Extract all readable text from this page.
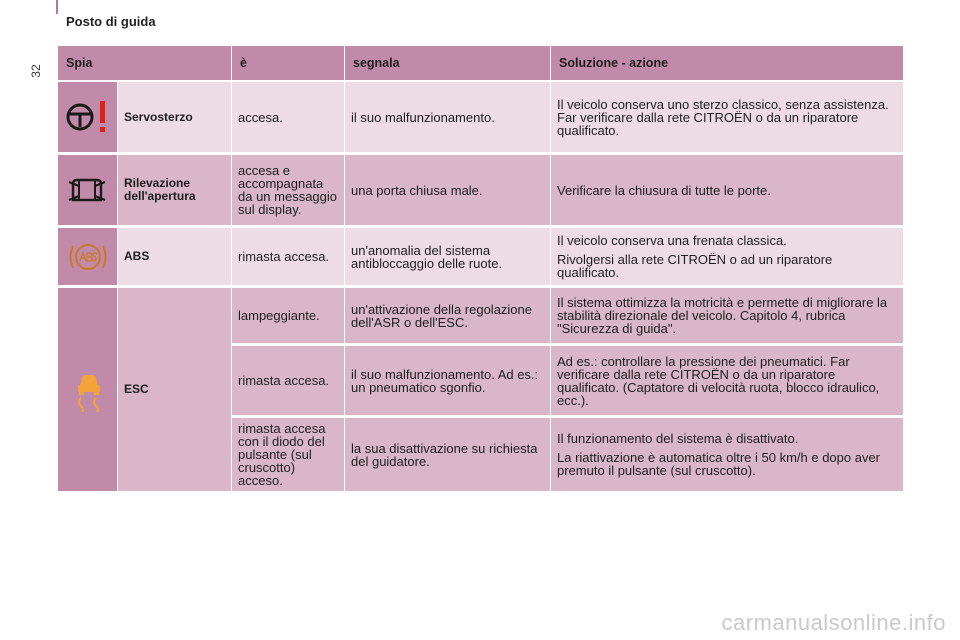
32
Posto di guida
Spia		è	segnala	Soluzione - azione

	Servosterzo	accesa.	il suo malfunzionamento.	Il veicolo conserva uno sterzo classico, senza assistenza. Far verificare dalla rete CITROËN o da un riparatore qualificato.

	Rilevazione dell'apertura	accesa e accompagnata da un messaggio sul display.	una porta chiusa male.	Verificare la chiusura di tutte le porte.

	ABS	rimasta accesa.	un'anomalia del sistema antibloccaggio delle ruote.	Il veicolo conserva una frenata classica.

Rivolgersi alla rete CITROËN o ad un riparatore qualificato.

	ESC	lampeggiante.	un'attivazione della regolazione dell'ASR o dell'ESC.	Il sistema ottimizza la motricità e permette di migliorare la stabilità direzionale del veicolo. Capitolo 4, rubrica "Sicurezza di guida".
		rimasta accesa.	il suo malfunzionamento. Ad es.: un pneumatico sgonfio.	Ad es.: controllare la pressione dei pneumatici. Far verificare dalla rete CITROËN o da un riparatore qualificato. (Captatore di velocità ruota, blocco idraulico, ecc.).
		rimasta accesa con il diodo del pulsante (sul cruscotto) acceso.	la sua disattivazione su richiesta del guidatore.	Il funzionamento del sistema è disattivato.

La riattivazione è automatica oltre i 50 km/h e dopo aver premuto il pulsante (sul cruscotto).

carmanualsonline.info
